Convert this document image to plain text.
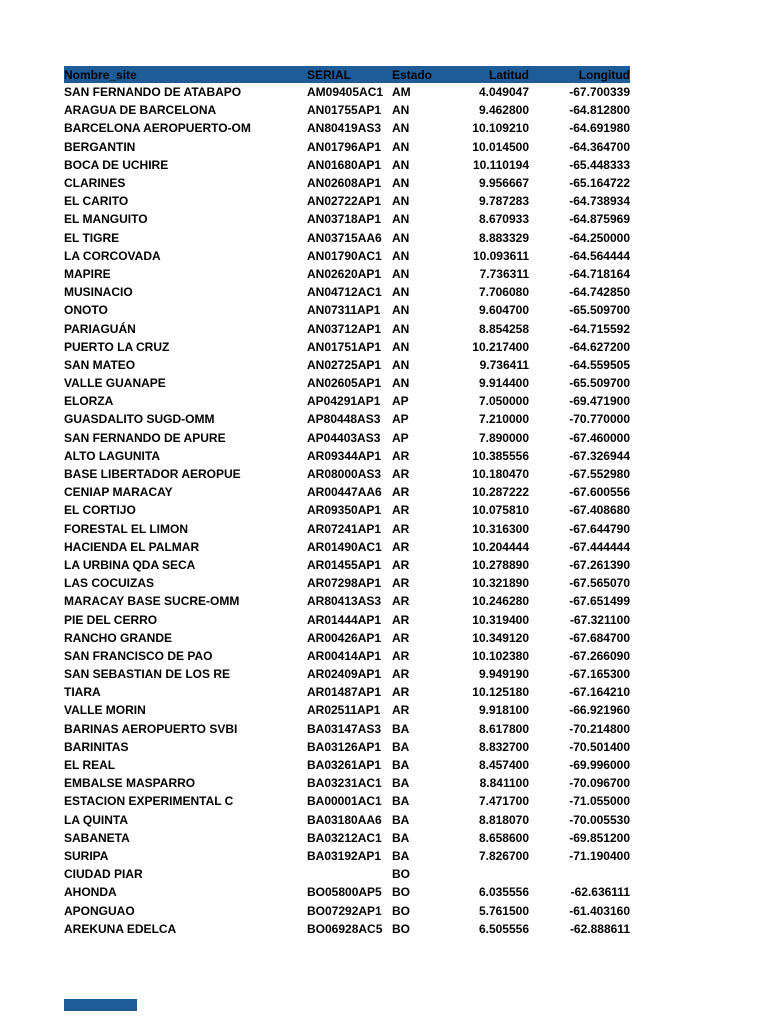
Nombre_site	SERIAL	Estado	Latitud	Longitud
SAN FERNANDO DE ATABAPO	AM09405AC1	AM	4.049047	-67.700339
ARAGUA DE BARCELONA	AN01755AP1	AN	9.462800	-64.812800
BARCELONA AEROPUERTO-OM	AN80419AS3	AN	10.109210	-64.691980
BERGANTIN	AN01796AP1	AN	10.014500	-64.364700
BOCA DE UCHIRE	AN01680AP1	AN	10.110194	-65.448333
CLARINES	AN02608AP1	AN	9.956667	-65.164722
EL CARITO	AN02722AP1	AN	9.787283	-64.738934
EL MANGUITO	AN03718AP1	AN	8.670933	-64.875969
EL TIGRE	AN03715AA6	AN	8.883329	-64.250000
LA CORCOVADA	AN01790AC1	AN	10.093611	-64.564444
MAPIRE	AN02620AP1	AN	7.736311	-64.718164
MUSINACIO	AN04712AC1	AN	7.706080	-64.742850
ONOTO	AN07311AP1	AN	9.604700	-65.509700
PARIAGUÁN	AN03712AP1	AN	8.854258	-64.715592
PUERTO LA CRUZ	AN01751AP1	AN	10.217400	-64.627200
SAN MATEO	AN02725AP1	AN	9.736411	-64.559505
VALLE GUANAPE	AN02605AP1	AN	9.914400	-65.509700
ELORZA	AP04291AP1	AP	7.050000	-69.471900
GUASDALITO SUGD-OMM	AP80448AS3	AP	7.210000	-70.770000
SAN FERNANDO DE APURE	AP04403AS3	AP	7.890000	-67.460000
ALTO LAGUNITA	AR09344AP1	AR	10.385556	-67.326944
BASE LIBERTADOR AEROPUE	AR08000AS3	AR	10.180470	-67.552980
CENIAP MARACAY	AR00447AA6	AR	10.287222	-67.600556
EL CORTIJO	AR09350AP1	AR	10.075810	-67.408680
FORESTAL EL LIMON	AR07241AP1	AR	10.316300	-67.644790
HACIENDA EL PALMAR	AR01490AC1	AR	10.204444	-67.444444
LA URBINA QDA SECA	AR01455AP1	AR	10.278890	-67.261390
LAS COCUIZAS	AR07298AP1	AR	10.321890	-67.565070
MARACAY BASE SUCRE-OMM	AR80413AS3	AR	10.246280	-67.651499
PIE DEL CERRO	AR01444AP1	AR	10.319400	-67.321100
RANCHO GRANDE	AR00426AP1	AR	10.349120	-67.684700
SAN FRANCISCO DE PAO	AR00414AP1	AR	10.102380	-67.266090
SAN SEBASTIAN DE LOS RE	AR02409AP1	AR	9.949190	-67.165300
TIARA	AR01487AP1	AR	10.125180	-67.164210
VALLE MORIN	AR02511AP1	AR	9.918100	-66.921960
BARINAS AEROPUERTO SVBI	BA03147AS3	BA	8.617800	-70.214800
BARINITAS	BA03126AP1	BA	8.832700	-70.501400
EL REAL	BA03261AP1	BA	8.457400	-69.996000
EMBALSE MASPARRO	BA03231AC1	BA	8.841100	-70.096700
ESTACION EXPERIMENTAL C	BA00001AC1	BA	7.471700	-71.055000
LA QUINTA	BA03180AA6	BA	8.818070	-70.005530
SABANETA	BA03212AC1	BA	8.658600	-69.851200
SURIPA	BA03192AP1	BA	7.826700	-71.190400
CIUDAD PIAR		BO		
AHONDA	BO05800AP5	BO	6.035556	-62.636111
APONGUAO	BO07292AP1	BO	5.761500	-61.403160
AREKUNA EDELCA	BO06928AC5	BO	6.505556	-62.888611
